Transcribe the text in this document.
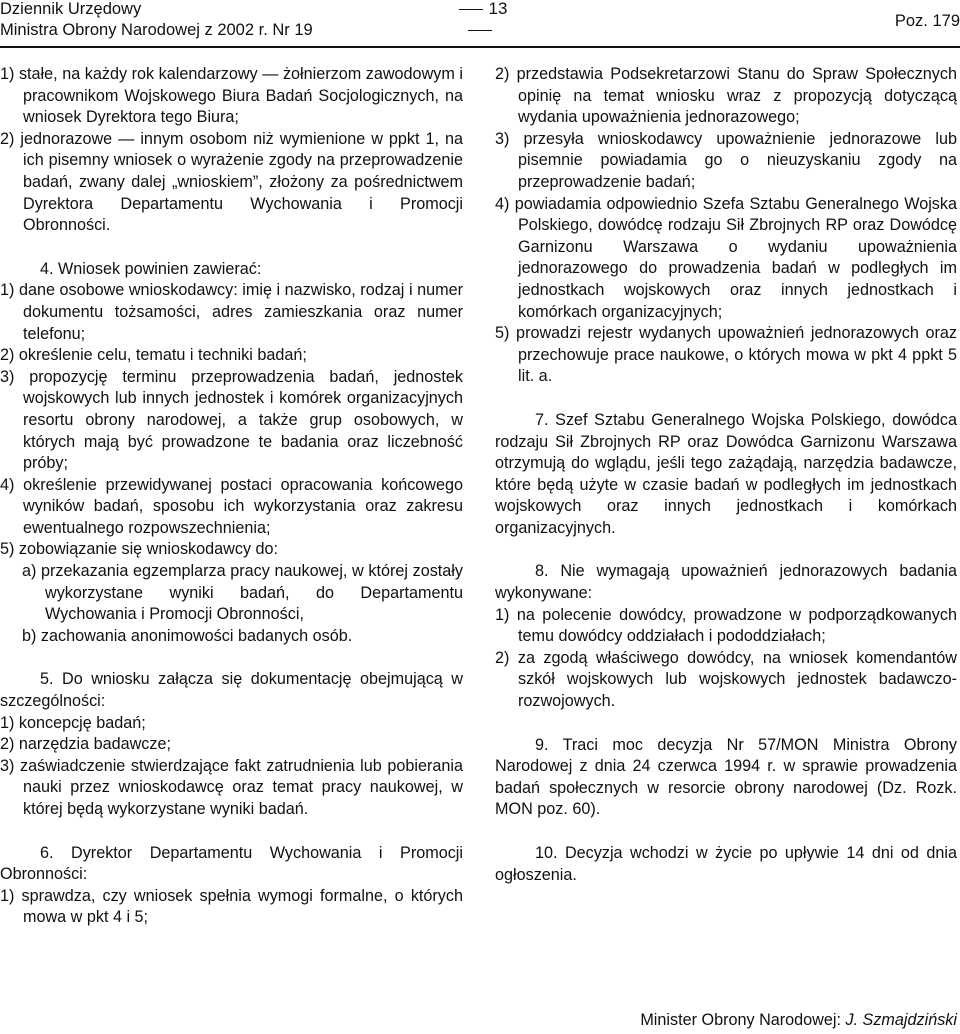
Dziennik Urzędowy
Ministra Obrony Narodowej z 2002 r. Nr 19
13
Poz. 179

1) stałe, na każdy rok kalendarzowy — żołnierzom zawodowym i pracownikom Wojskowego Biura Badań Socjologicznych, na wniosek Dyrektora tego Biura;

2) jednorazowe — innym osobom niż wymienione w ppkt 1, na ich pisemny wniosek o wyrażenie zgody na przeprowadzenie badań, zwany dalej „wnioskiem”, złożony za pośrednictwem Dyrektora Departamentu Wychowania i Promocji Obronności.

4. Wniosek powinien zawierać:

1) dane osobowe wnioskodawcy: imię i nazwisko, rodzaj i numer dokumentu tożsamości, adres zamieszkania oraz numer telefonu;

2) określenie celu, tematu i techniki badań;

3) propozycję terminu przeprowadzenia badań, jednostek wojskowych lub innych jednostek i komórek organizacyjnych resortu obrony narodowej, a także grup osobowych, w których mają być prowadzone te badania oraz liczebność próby;

4) określenie przewidywanej postaci opracowania końcowego wyników badań, sposobu ich wykorzystania oraz zakresu ewentualnego rozpowszechnienia;

5) zobowiązanie się wnioskodawcy do:

a) przekazania egzemplarza pracy naukowej, w której zostały wykorzystane wyniki badań, do Departamentu Wychowania i Promocji Obronności,

b) zachowania anonimowości badanych osób.

5. Do wniosku załącza się dokumentację obejmującą w szczególności:

1) koncepcję badań;

2) narzędzia badawcze;

3) zaświadczenie stwierdzające fakt zatrudnienia lub pobierania nauki przez wnioskodawcę oraz temat pracy naukowej, w której będą wykorzystane wyniki badań.

6. Dyrektor Departamentu Wychowania i Promocji Obronności:

1) sprawdza, czy wniosek spełnia wymogi formalne, o których mowa w pkt 4 i 5;

2) przedstawia Podsekretarzowi Stanu do Spraw Społecznych opinię na temat wniosku wraz z propozycją dotyczącą wydania upoważnienia jednorazowego;

3) przesyła wnioskodawcy upoważnienie jednorazowe lub pisemnie powiadamia go o nieuzyskaniu zgody na przeprowadzenie badań;

4) powiadamia odpowiednio Szefa Sztabu Generalnego Wojska Polskiego, dowódcę rodzaju Sił Zbrojnych RP oraz Dowódcę Garnizonu Warszawa o wydaniu upoważnienia jednorazowego do prowadzenia badań w podległych im jednostkach wojskowych oraz innych jednostkach i komórkach organizacyjnych;

5) prowadzi rejestr wydanych upoważnień jednorazowych oraz przechowuje prace naukowe, o których mowa w pkt 4 ppkt 5 lit. a.

7. Szef Sztabu Generalnego Wojska Polskiego, dowódca rodzaju Sił Zbrojnych RP oraz Dowódca Garnizonu Warszawa otrzymują do wglądu, jeśli tego zażądają, narzędzia badawcze, które będą użyte w czasie badań w podległych im jednostkach wojskowych oraz innych jednostkach i komórkach organizacyjnych.

8. Nie wymagają upoważnień jednorazowych badania wykonywane:

1) na polecenie dowódcy, prowadzone w podporządkowanych temu dowódcy oddziałach i pododdziałach;

2) za zgodą właściwego dowódcy, na wniosek komendantów szkół wojskowych lub wojskowych jednostek badawczo-rozwojowych.

9. Traci moc decyzja Nr 57/MON Ministra Obrony Narodowej z dnia 24 czerwca 1994 r. w sprawie prowadzenia badań społecznych w resorcie obrony narodowej (Dz. Rozk. MON poz. 60).

10. Decyzja wchodzi w życie po upływie 14 dni od dnia ogłoszenia.

Minister Obrony Narodowej: J. Szmajdziński
